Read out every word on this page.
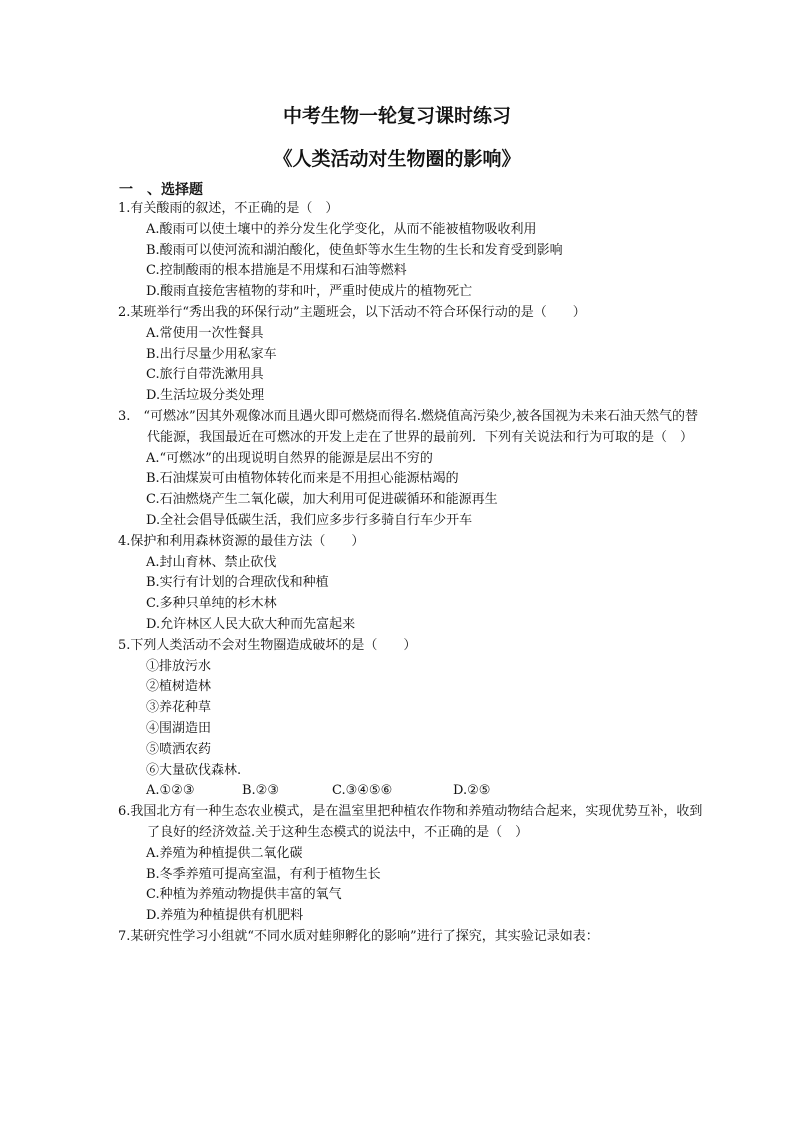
中考生物一轮复习课时练习
《人类活动对生物圈的影响》
一　、选择题

1.有关酸雨的叙述，不正确的是（　）

A.酸雨可以使土壤中的养分发生化学变化，从而不能被植物吸收利用

B.酸雨可以使河流和湖泊酸化，使鱼虾等水生生物的生长和发育受到影响

C.控制酸雨的根本措施是不用煤和石油等燃料

D.酸雨直接危害植物的芽和叶，严重时使成片的植物死亡

2.某班举行“秀出我的环保行动”主题班会，以下活动不符合环保行动的是（　　）

A.常使用一次性餐具

B.出行尽量少用私家车

C.旅行自带洗漱用具

D.生活垃圾分类处理

3.　“可燃冰”因其外观像冰而且遇火即可燃烧而得名.燃烧值高污染少,被各国视为未来石油天然气的替代能源，我国最近在可燃冰的开发上走在了世界的最前列．下列有关说法和行为可取的是（　）

A.“可燃冰”的出现说明自然界的能源是层出不穷的

B.石油煤炭可由植物体转化而来是不用担心能源枯竭的

C.石油燃烧产生二氧化碳，加大利用可促进碳循环和能源再生

D.全社会倡导低碳生活，我们应多步行多骑自行车少开车

4.保护和利用森林资源的最佳方法（　　）

A.封山育林、禁止砍伐

B.实行有计划的合理砍伐和种植

C.多种只单纯的杉木林

D.允许林区人民大砍大种而先富起来

5.下列人类活动不会对生物圈造成破坏的是（　　）

①排放污水

②植树造林

③养花种草

④围湖造田

⑤喷洒农药

⑥大量砍伐森林.

A.①②③	B.②③	C.③④⑤⑥	D.②⑤

6.我国北方有一种生态农业模式，是在温室里把种植农作物和养殖动物结合起来，实现优势互补，收到了良好的经济效益.关于这种生态模式的说法中，不正确的是（　）

A.养殖为种植提供二氧化碳

B.冬季养殖可提高室温，有利于植物生长

C.种植为养殖动物提供丰富的氧气

D.养殖为种植提供有机肥料

7.某研究性学习小组就“不同水质对蛙卵孵化的影响”进行了探究，其实验记录如表：
